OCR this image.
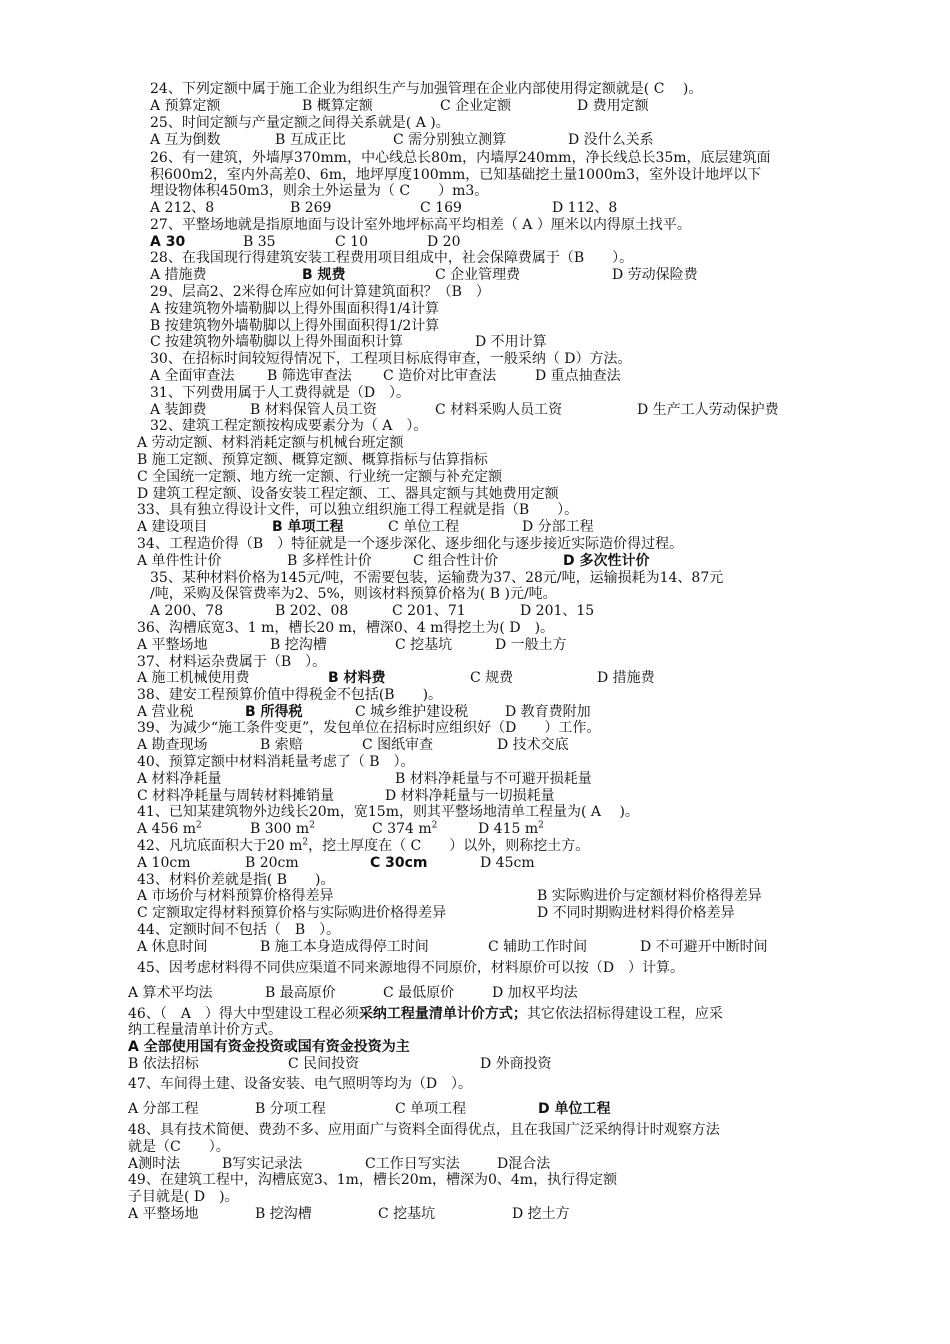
24、下列定额中属于施工企业为组织生产与加强管理在企业内部使用得定额就是( C　 )。
A 预算定额	B 概算定额	C 企业定额	D 费用定额
25、时间定额与产量定额之间得关系就是( A )。
A 互为倒数	B 互成正比	C 需分别独立测算	D 没什么关系
26、有一建筑，外墙厚370mm，中心线总长80m，内墙厚240mm，净长线总长35m，底层建筑面
积600m2，室内外高差0、6m，地坪厚度100mm，已知基础挖土量1000m3，室外设计地坪以下
埋设物体积450m3，则余土外运量为（ C　　）m3。
A 212、8	B 269	C 169	D 112、8
27、平整场地就是指原地面与设计室外地坪标高平均相差（ A ）厘米以内得原土找平。
A 30	B 35	C 10	D 20
28、在我国现行得建筑安装工程费用项目组成中，社会保障费属于（B　　）。
A 措施费	B 规费	C 企业管理费	D 劳动保险费
29、层高2、2米得仓库应如何计算建筑面积？（B　）
A 按建筑物外墙勒脚以上得外围面积得1/4计算
B 按建筑物外墙勒脚以上得外围面积得1/2计算
C 按建筑物外墙勒脚以上得外围面积计算	D 不用计算
30、在招标时间较短得情况下，工程项目标底得审查，一般采纳（ D）方法。
A 全面审查法 B 筛选审查法 C 造价对比审查法	D 重点抽查法
31、下列费用属于人工费得就是（D　）。
A 装卸费	B 材料保管人员工资	C 材料采购人员工资	D 生产工人劳动保护费
32、建筑工程定额按构成要素分为（ A　）。
A 劳动定额、材料消耗定额与机械台班定额
B 施工定额、预算定额、概算定额、概算指标与估算指标
C 全国统一定额、地方统一定额、行业统一定额与补充定额
D 建筑工程定额、设备安装工程定额、工、器具定额与其她费用定额
33、具有独立得设计文件，可以独立组织施工得工程就是指（B　　）。
A 建设项目	B 单项工程	C 单位工程	D 分部工程
34、工程造价得（B　）特征就是一个逐步深化、逐步细化与逐步接近实际造价得过程。
A 单件性计价	B 多样性计价	C 组合性计价	D 多次性计价
35、某种材料价格为145元/吨，不需要包装，运输费为37、28元/吨，运输损耗为14、87元
/吨，采购及保管费率为2、5%，则该材料预算价格为( B )元/吨。
A 200、78	B 202、08	C 201、71	D 201、15
36、沟槽底宽3、1 m，槽长20 m，槽深0、4 m得挖土为( D　)。
A 平整场地	B 挖沟槽	C 挖基坑	D 一般土方
37、材料运杂费属于（B　）。
A 施工机械使用费	B 材料费	C 规费	D 措施费
38、建安工程预算价值中得税金不包括(B　　)。
A 营业税	B 所得税	C 城乡维护建设税	D 教育费附加
39、为减少“施工条件变更”，发包单位在招标时应组织好（D　　）工作。
A 勘查现场	B 索赔	C 图纸审查	D 技术交底
40、预算定额中材料消耗量考虑了（ B　）。
A 材料净耗量	B 材料净耗量与不可避开损耗量
C 材料净耗量与周转材料摊销量	D 材料净耗量与一切损耗量
41、已知某建筑物外边线长20m，宽15m，则其平整场地清单工程量为( A　 )。
A 456 $m^2$	B 300 $m^2$	C 374 $m^2$	D 415 $m^2$
42、凡坑底面积大于20 $m^2$，挖土厚度在（ C　　）以外，则称挖土方。
A 10cm	B 20cm	C 30cm	D 45cm
43、材料价差就是指( B　　)。
A 市场价与材料预算价格得差异	B 实际购进价与定额材料价格得差异
C 定额取定得材料预算价格与实际购进价格得差异	D 不同时期购进材料得价格差异
44、定额时间不包括（　B　）。
A 休息时间	B 施工本身造成得停工时间	C 辅助工作时间	D 不可避开中断时间
45、因考虑材料得不同供应渠道不同来源地得不同原价，材料原价可以按（D　）计算。
A 算术平均法	B 最高原价	C 最低原价	D 加权平均法
46、（　A　）得大中型建设工程必须采纳工程量清单计价方式；其它依法招标得建设工程，应采
纳工程量清单计价方式。
A 全部使用国有资金投资或国有资金投资为主
B 依法招标	C 民间投资	D 外商投资
47、车间得土建、设备安装、电气照明等均为（D　）。
A 分部工程	B 分项工程	C 单项工程	D 单位工程
48、具有技术简便、费劲不多、应用面广与资料全面得优点，且在我国广泛采纳得计时观察方法
就是（C　　）。
A测时法	B写实记录法	C工作日写实法	D混合法
49、在建筑工程中，沟槽底宽3、1m，槽长20m，槽深为0、4m，执行得定额
子目就是( D　)。
A 平整场地	B 挖沟槽	C 挖基坑	D 挖土方
